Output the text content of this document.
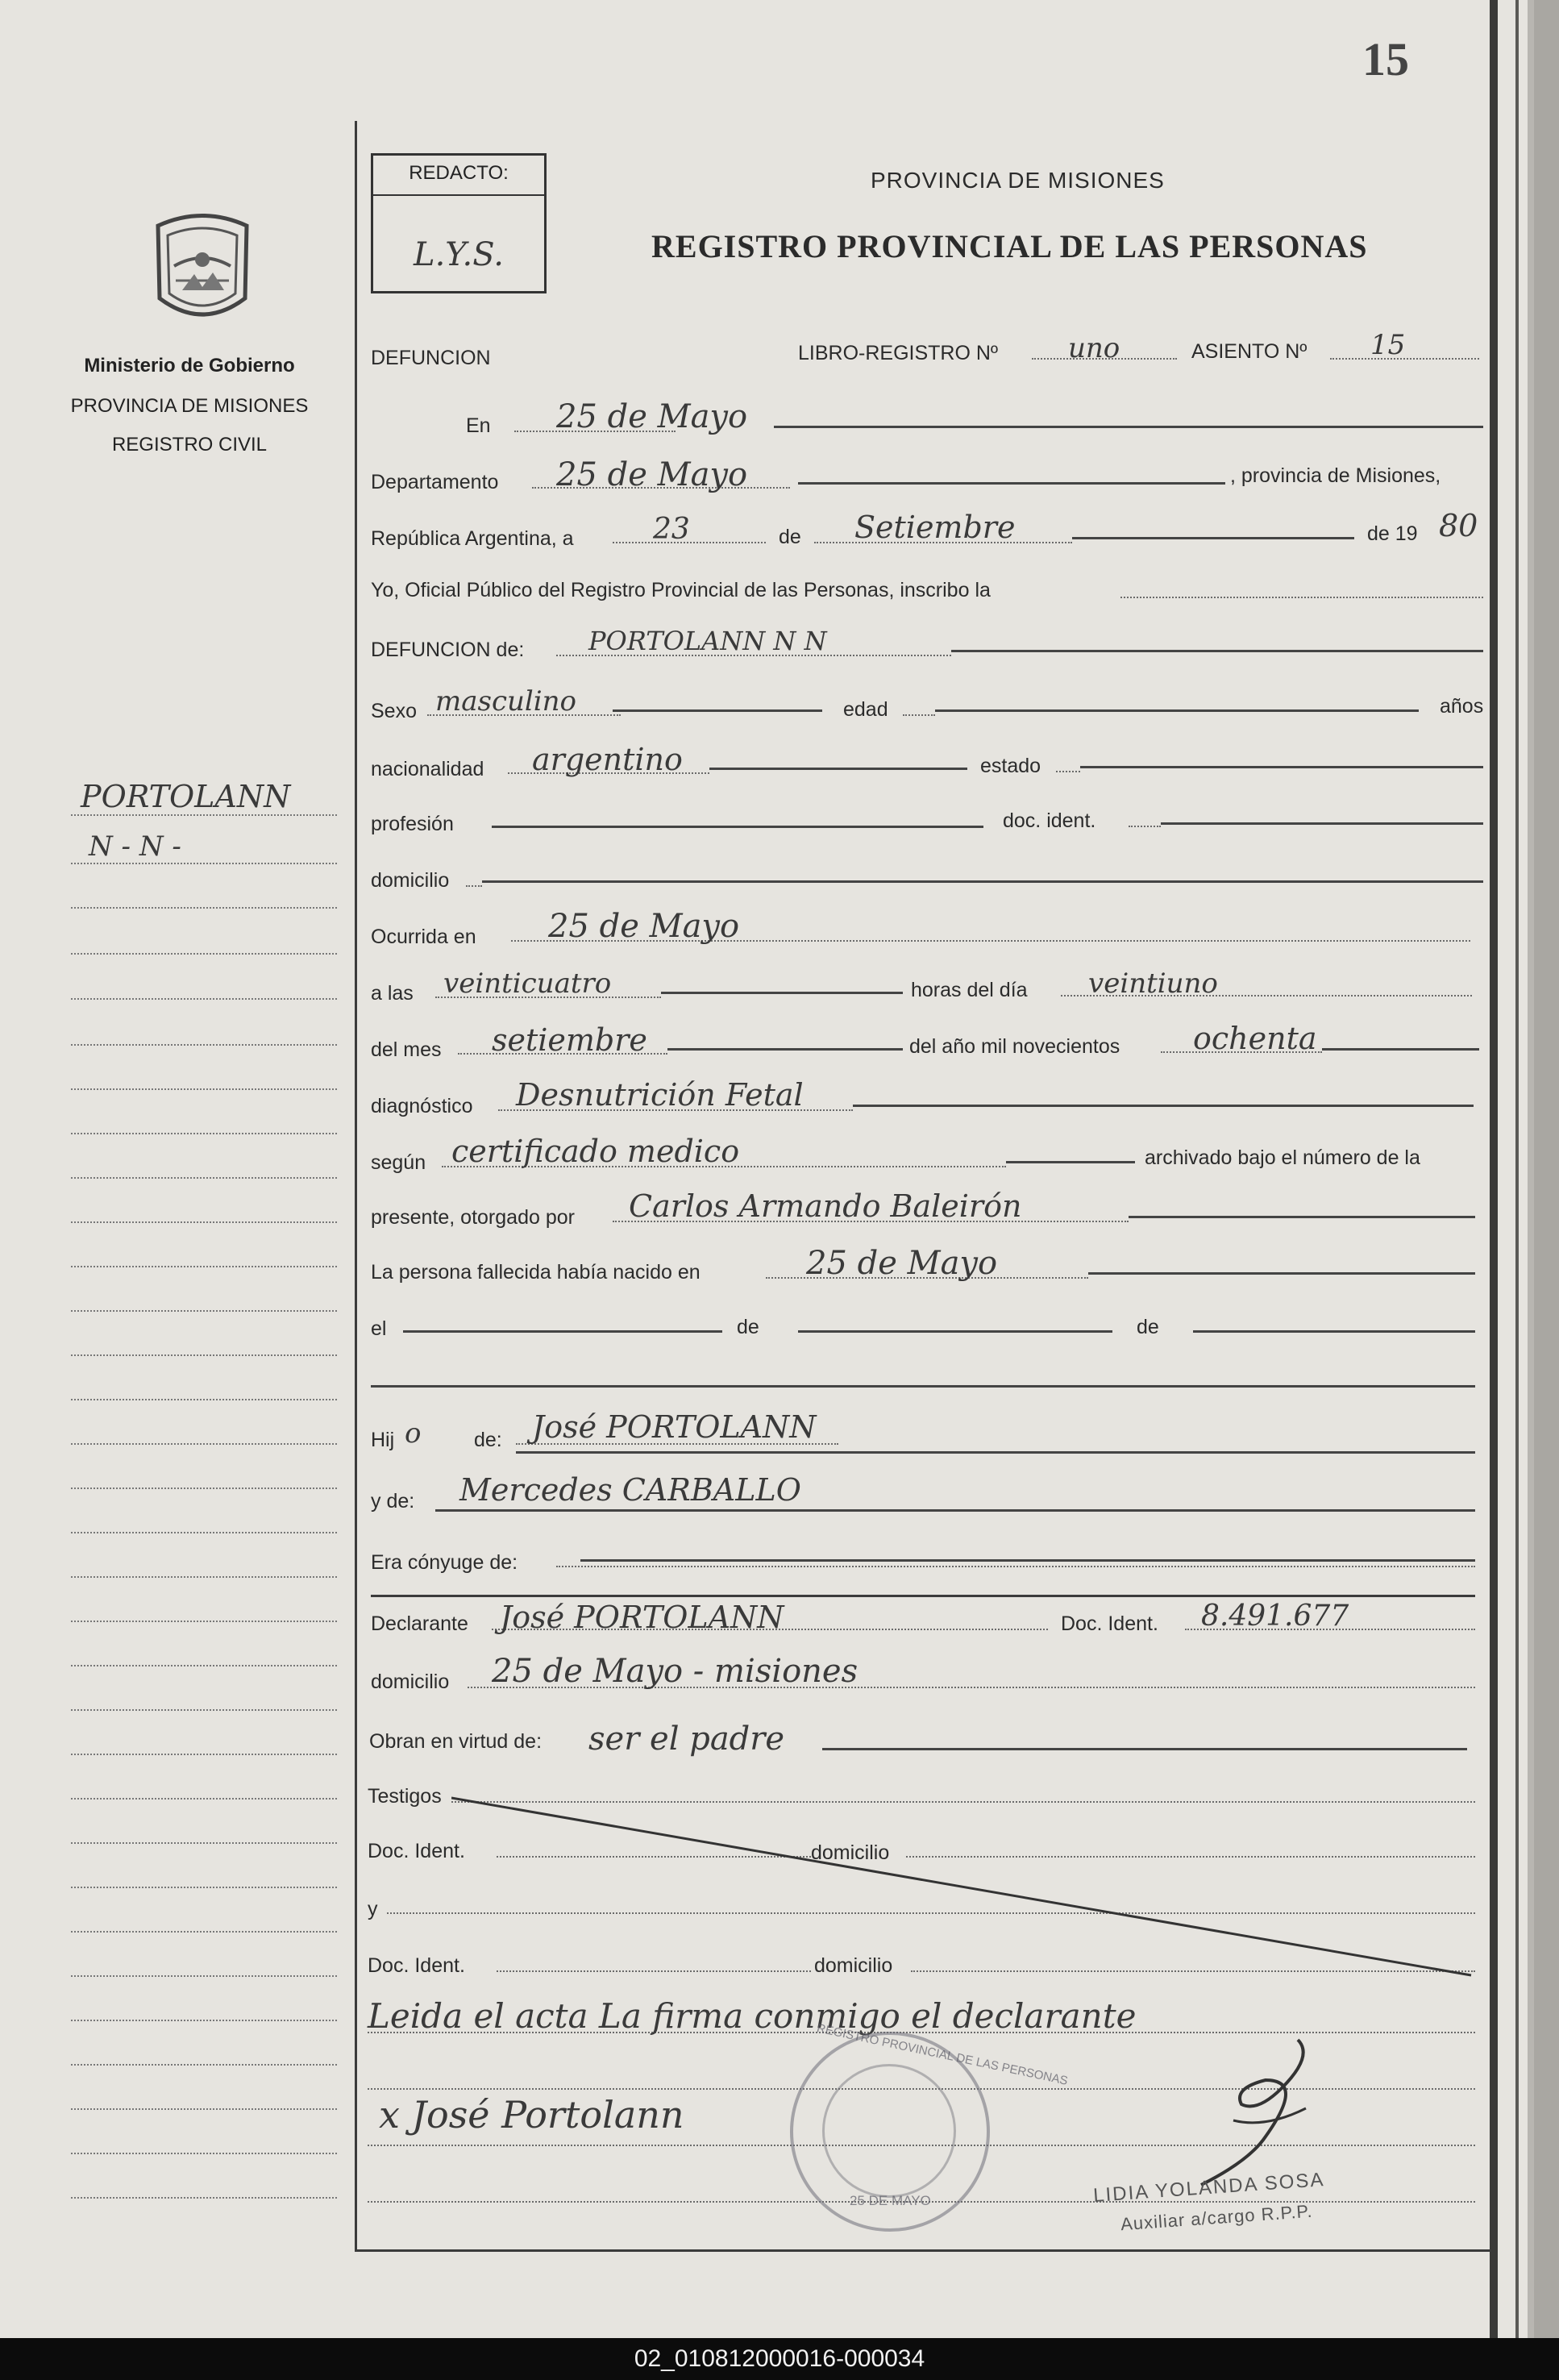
15
Ministerio de Gobierno
PROVINCIA DE MISIONES
REGISTRO CIVIL
PORTOLANN
N - N -
REDACTO:
L.Y.S.
PROVINCIA DE MISIONES
REGISTRO PROVINCIAL DE LAS PERSONAS
DEFUNCION	LIBRO-REGISTRO Nº	uno	ASIENTO Nº 15
En 25 de Mayo
Departamento 25 de Mayo	, provincia de Misiones,
República Argentina, a	23	de Setiembre	de 19 80
Yo, Oficial Público del Registro Provincial de las Personas, inscribo la
DEFUNCION de: PORTOLANN N N
Sexo masculino	edad	años
nacionalidad argentino	estado
profesión	doc. ident.
domicilio
Ocurrida en 25 de Mayo
a las veinticuatro	horas del día veintiuno
del mes setiembre	del año mil novecientos ochenta
diagnóstico Desnutrición Fetal
según certificado medico	archivado bajo el número de la
presente, otorgado por Carlos Armando Baleirón
La persona fallecida había nacido en	25 de Mayo
el	de	de
Hij o	de: José PORTOLANN
y de: Mercedes CARBALLO
Era cónyuge de:
Declarante José PORTOLANN	Doc. Ident. 8.491.677
domicilio 25 de Mayo - misiones
Obran en virtud de: ser el padre
Testigos
Doc. Ident.	domicilio
y
Doc. Ident.	domicilio
Leida el acta La firma conmigo el declarante
x José Portolann
REGISTRO PROVINCIAL DE LAS PERSONAS
25 DE MAYO	LIDIA YOLANDA SOSA
Auxiliar a/cargo R.P.P.
02_010812000016-000034
